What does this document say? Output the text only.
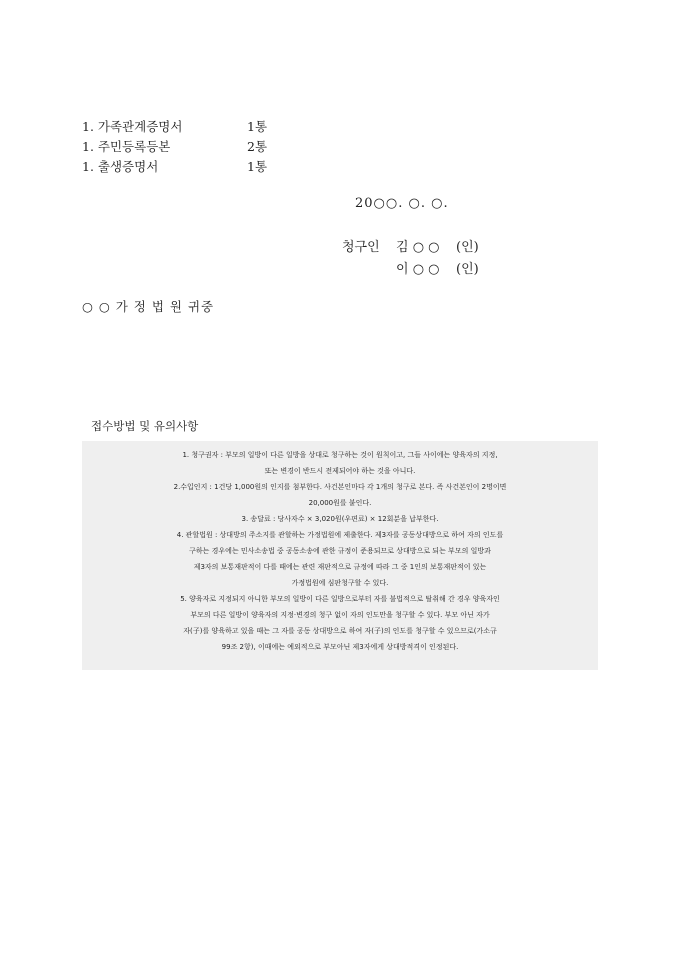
1. 가족관계증명서	1통
1. 주민등록등본	2통
1. 출생증명서	1통
20○○. ○. ○.
청구인 김 ○ ○ (인)
이 ○ ○ (인)
○ ○ 가 정 법 원 귀중
접수방법 및 유의사항
1. 청구권자 : 부모의 일방이 다른 일방을 상대로 청구하는 것이 원칙이고, 그들 사이에는 양육자의 지정,
또는 변경이 반드시 전제되어야 하는 것을 아니다.
2.수입인지 : 1건당 1,000원의 인지를 첨부한다. 사건본인마다 각 1개의 청구로 본다. 즉 사건본인이 2명이면
20,000원를 붙인다.
3. 송달료 : 당사자수 × 3,020원(우편료) × 12회분을 납부한다.
4. 관할법원 : 상대방의 주소지를 관할하는 가정법원에 제출한다. 제3자를 공동상대방으로 하여 자의 인도를
구하는 경우에는 민사소송법 중 공동소송에 관한 규정이 준용되므로 상대방으로 되는 부모의 일방과
제3자의 보통재판적이 다를 때에는 관련 재판적으로 규정에 따라 그 중 1인의 보통재판적이 있는
가정법원에 심판청구할 수 있다.
5. 양육자로 지정되지 아니한 부모의 일방이 다른 일방으로부터 자를 불법적으로 탈취해 간 경우 양육자인
부모의 다른 일방이 양육자의 지정·변경의 청구 없이 자의 인도만을 청구할 수 있다. 부모 아닌 자가
자(子)를 양육하고 있을 때는 그 자를 공동 상대방으로 하여 자(子)의 인도를 청구할 수 있으므로(가소규
99조 2항), 이때에는 예외적으로 부모아닌 제3자에게 상대방적격이 인정된다.
